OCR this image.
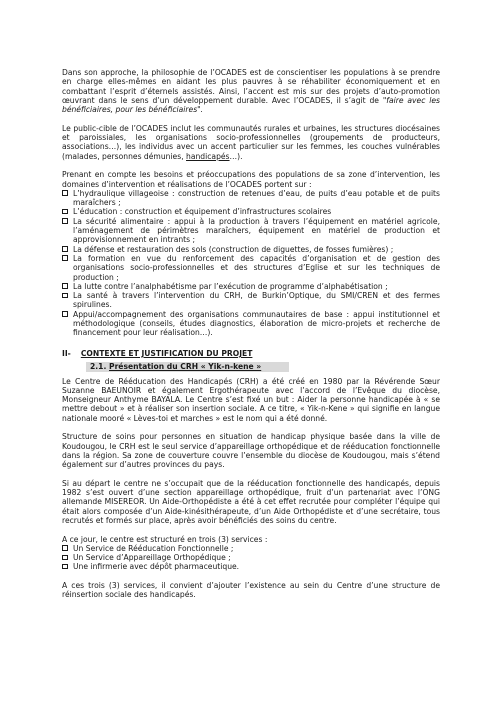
Dans son approche, la philosophie de l’OCADES est de conscientiser les populations à se prendre en charge elles-mêmes en aidant les plus pauvres à se réhabiliter économiquement et en combattant l’esprit d’éternels assistés. Ainsi, l’accent est mis sur des projets d’auto-promotion œuvrant dans le sens d’un développement durable. Avec l’OCADES, il s’agit de "faire avec les bénéficiaires, pour les bénéficiaires".

Le public-cible de l’OCADES inclut les communautés rurales et urbaines, les structures diocésaines et paroissiales, les organisations socio-professionnelles (groupements de producteurs, associations…), les individus avec un accent particulier sur les femmes, les couches vulnérables (malades, personnes démunies, handicapés…).

Prenant en compte les besoins et préoccupations des populations de sa zone d’intervention, les domaines d’intervention et réalisations de l’OCADES portent sur :

L’hydraulique villageoise : construction de retenues d’eau, de puits d’eau potable et de puits maraîchers ;
L’éducation : construction et équipement d’infrastructures scolaires
La sécurité alimentaire : appui à la production à travers l’équipement en matériel agricole, l’aménagement de périmètres maraîchers, équipement en matériel de production et approvisionnement en intrants ;
La défense et restauration des sols (construction de diguettes, de fosses fumières) ;
La formation en vue du renforcement des capacités d’organisation et de gestion des organisations socio-professionnelles et des structures d’Eglise et sur les techniques de production ;
La lutte contre l’analphabétisme par l’exécution de programme d’alphabétisation ;
La santé à travers l’intervention du CRH, de Burkin’Optique, du SMI/CREN et des fermes spirulines.
Appui/accompagnement des organisations communautaires de base : appui institutionnel et méthodologique (conseils, études diagnostics, élaboration de micro-projets et recherche de financement pour leur réalisation…).
II- CONTEXTE ET JUSTIFICATION DU PROJET
2.1. Présentation du CRH « Yik-n-kene »

Le Centre de Rééducation des Handicapés (CRH) a été créé en 1980 par la Révérende Sœur Suzanne BAEUNOIR et également Ergothérapeute avec l’accord de l’Evêque du diocèse, Monseigneur Anthyme BAYALA. Le Centre s’est fixé un but : Aider la personne handicapée à « se mettre debout » et à réaliser son insertion sociale. A ce titre, « Yik-n-Kene » qui signifie en langue nationale mooré « Lèves-toi et marches » est le nom qui a été donné.

Structure de soins pour personnes en situation de handicap physique basée dans la ville de Koudougou, le CRH est le seul service d’appareillage orthopédique et de rééducation fonctionnelle dans la région. Sa zone de couverture couvre l’ensemble du diocèse de Koudougou, mais s’étend également sur d’autres provinces du pays.

Si au départ le centre ne s’occupait que de la rééducation fonctionnelle des handicapés, depuis 1982 s’est ouvert d’une section appareillage orthopédique, fruit d’un partenariat avec l’ONG allemande MISEREOR. Un Aide-Orthopédiste a été à cet effet recrutée pour compléter l’équipe qui était alors composée d’un Aide-kinésithérapeute, d’un Aide Orthopédiste et d’une secrétaire, tous recrutés et formés sur place, après avoir bénéficiés des soins du centre.

A ce jour, le centre est structuré en trois (3) services :

Un Service de Rééducation Fonctionnelle ;
Un Service d’Appareillage Orthopédique ;
Une infirmerie avec dépôt pharmaceutique.

A ces trois (3) services, il convient d’ajouter l’existence au sein du Centre d’une structure de réinsertion sociale des handicapés.
